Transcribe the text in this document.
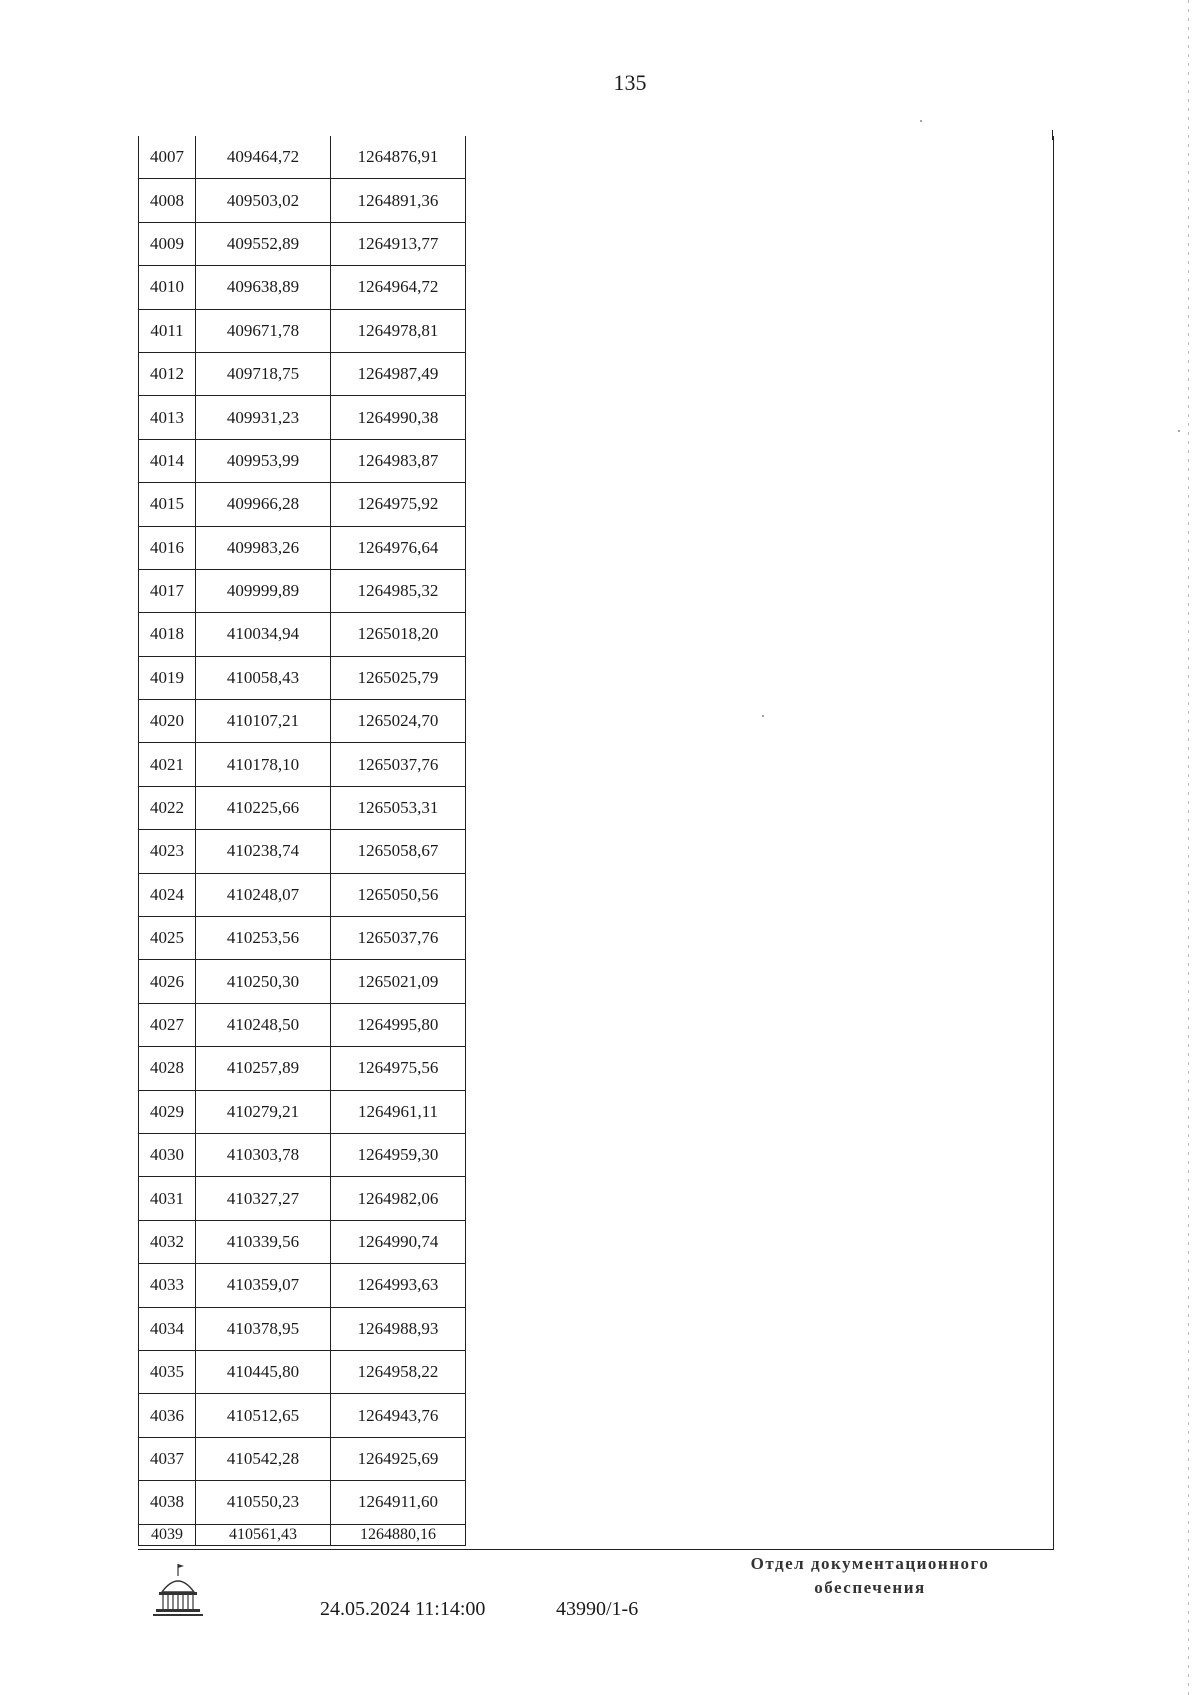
135
4007	409464,72	1264876,91
4008	409503,02	1264891,36
4009	409552,89	1264913,77
4010	409638,89	1264964,72
4011	409671,78	1264978,81
4012	409718,75	1264987,49
4013	409931,23	1264990,38
4014	409953,99	1264983,87
4015	409966,28	1264975,92
4016	409983,26	1264976,64
4017	409999,89	1264985,32
4018	410034,94	1265018,20
4019	410058,43	1265025,79
4020	410107,21	1265024,70
4021	410178,10	1265037,76
4022	410225,66	1265053,31
4023	410238,74	1265058,67
4024	410248,07	1265050,56
4025	410253,56	1265037,76
4026	410250,30	1265021,09
4027	410248,50	1264995,80
4028	410257,89	1264975,56
4029	410279,21	1264961,11
4030	410303,78	1264959,30
4031	410327,27	1264982,06
4032	410339,56	1264990,74
4033	410359,07	1264993,63
4034	410378,95	1264988,93
4035	410445,80	1264958,22
4036	410512,65	1264943,76
4037	410542,28	1264925,69
4038	410550,23	1264911,60
4039	410561,43	1264880,16
24.05.2024 11:14:00	43990/1-6
Отдел документационного
обеспечения
